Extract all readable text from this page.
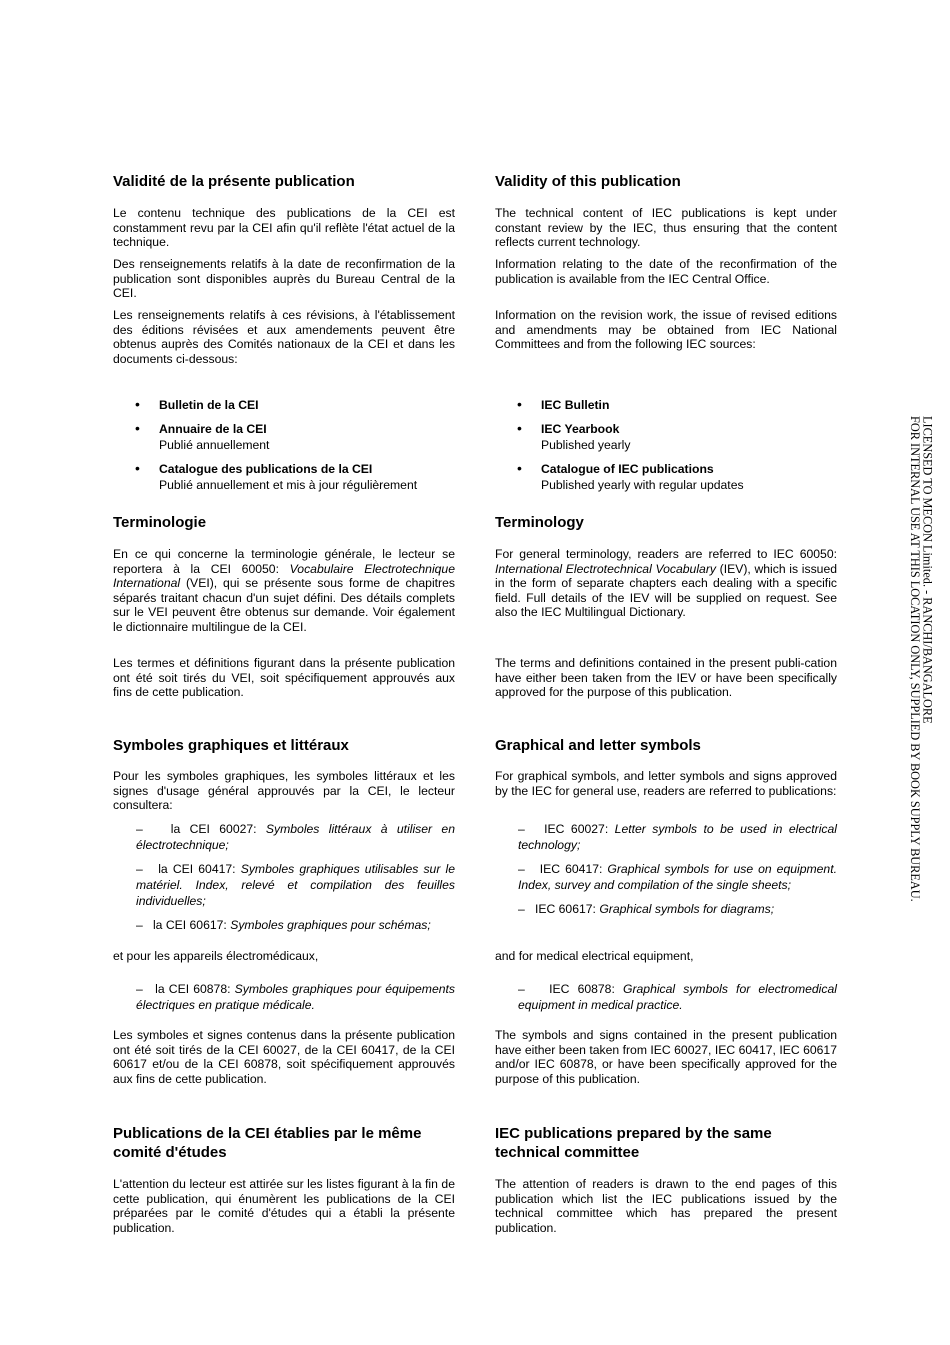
Validité de la présente publication

Le contenu technique des publications de la CEI est constamment revu par la CEI afin qu'il reflète l'état actuel de la technique.

Des renseignements relatifs à la date de reconfirmation de la publication sont disponibles auprès du Bureau Central de la CEI.

Les renseignements relatifs à ces révisions, à l'établissement des éditions révisées et aux amendements peuvent être obtenus auprès des Comités nationaux de la CEI et dans les documents ci-dessous:

• Bulletin de la CEI
• Annuaire de la CEI
Publié annuellement
• Catalogue des publications de la CEI
Publié annuellement et mis à jour régulièrement
Terminologie

En ce qui concerne la terminologie générale, le lecteur se reportera à la CEI 60050: Vocabulaire Electrotechnique International (VEI), qui se présente sous forme de chapitres séparés traitant chacun d'un sujet défini. Des détails complets sur le VEI peuvent être obtenus sur demande. Voir également le dictionnaire multilingue de la CEI.

Les termes et définitions figurant dans la présente publication ont été soit tirés du VEI, soit spécifiquement approuvés aux fins de cette publication.

Symboles graphiques et littéraux

Pour les symboles graphiques, les symboles littéraux et les signes d'usage général approuvés par la CEI, le lecteur consultera:

– la CEI 60027: Symboles littéraux à utiliser en électrotechnique;
– la CEI 60417: Symboles graphiques utilisables sur le matériel. Index, relevé et compilation des feuilles individuelles;
– la CEI 60617: Symboles graphiques pour schémas;

et pour les appareils électromédicaux,

– la CEI 60878: Symboles graphiques pour équipements électriques en pratique médicale.

Les symboles et signes contenus dans la présente publication ont été soit tirés de la CEI 60027, de la CEI 60417, de la CEI 60617 et/ou de la CEI 60878, soit spécifiquement approuvés aux fins de cette publication.

Publications de la CEI établies par le même comité d'études

L'attention du lecteur est attirée sur les listes figurant à la fin de cette publication, qui énumèrent les publications de la CEI préparées par le comité d'études qui a établi la présente publication.

Validity of this publication

The technical content of IEC publications is kept under constant review by the IEC, thus ensuring that the content reflects current technology.

Information relating to the date of the reconfirmation of the publication is available from the IEC Central Office.

Information on the revision work, the issue of revised editions and amendments may be obtained from IEC National Committees and from the following IEC sources:

• IEC Bulletin
• IEC Yearbook
Published yearly
• Catalogue of IEC publications
Published yearly with regular updates
Terminology

For general terminology, readers are referred to IEC 60050: International Electrotechnical Vocabulary (IEV), which is issued in the form of separate chapters each dealing with a specific field. Full details of the IEV will be supplied on request. See also the IEC Multilingual Dictionary.

The terms and definitions contained in the present publi-cation have either been taken from the IEV or have been specifically approved for the purpose of this publication.

Graphical and letter symbols

For graphical symbols, and letter symbols and signs approved by the IEC for general use, readers are referred to publications:

– IEC 60027: Letter symbols to be used in electrical technology;
– IEC 60417: Graphical symbols for use on equipment. Index, survey and compilation of the single sheets;
– IEC 60617: Graphical symbols for diagrams;

and for medical electrical equipment,

– IEC 60878: Graphical symbols for electromedical equipment in medical practice.

The symbols and signs contained in the present publication have either been taken from IEC 60027, IEC 60417, IEC 60617 and/or IEC 60878, or have been specifically approved for the purpose of this publication.

IEC publications prepared by the same technical committee

The attention of readers is drawn to the end pages of this publication which list the IEC publications issued by the technical committee which has prepared the present publication.

LICENSED TO MECON Limited. - RANCHI/BANGALORE
FOR INTERNAL USE AT THIS LOCATION ONLY, SUPPLIED BY BOOK SUPPLY BUREAU.
